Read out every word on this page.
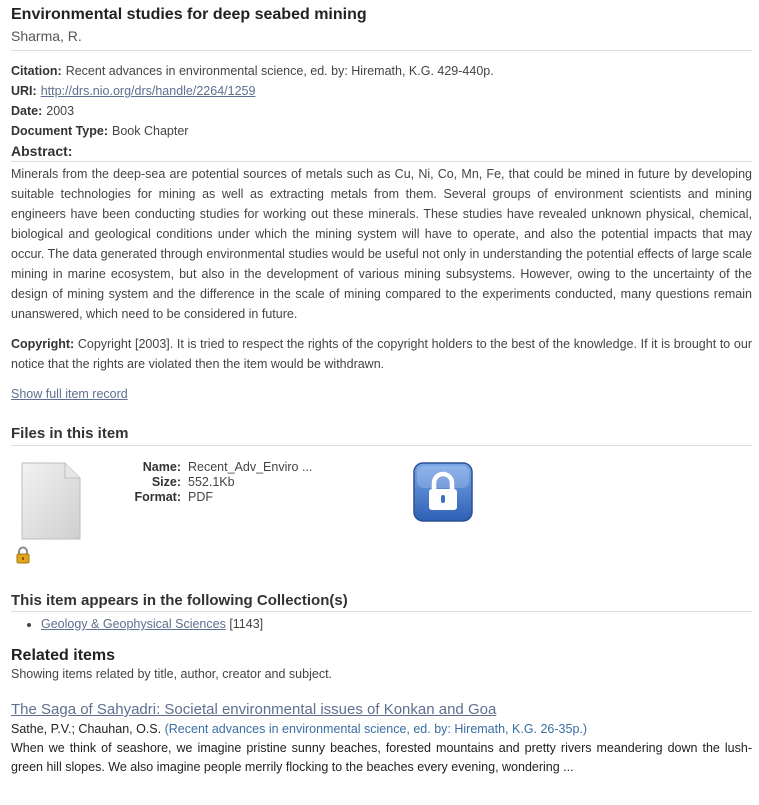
Environmental studies for deep seabed mining
Sharma, R.
Citation: Recent advances in environmental science, ed. by: Hiremath, K.G. 429-440p.
URI: http://drs.nio.org/drs/handle/2264/1259
Date: 2003
Document Type: Book Chapter
Abstract:
Minerals from the deep-sea are potential sources of metals such as Cu, Ni, Co, Mn, Fe, that could be mined in future by developing suitable technologies for mining as well as extracting metals from them. Several groups of environment scientists and mining engineers have been conducting studies for working out these minerals. These studies have revealed unknown physical, chemical, biological and geological conditions under which the mining system will have to operate, and also the potential impacts that may occur. The data generated through environmental studies would be useful not only in understanding the potential effects of large scale mining in marine ecosystem, but also in the development of various mining subsystems. However, owing to the uncertainty of the design of mining system and the difference in the scale of mining compared to the experiments conducted, many questions remain unanswered, which need to be considered in future.
Copyright: Copyright [2003]. It is tried to respect the rights of the copyright holders to the best of the knowledge. If it is brought to our notice that the rights are violated then the item would be withdrawn.
Show full item record
Files in this item
Name: Recent_Adv_Enviro ...
Size: 552.1Kb
Format: PDF
This item appears in the following Collection(s)
• Geology & Geophysical Sciences [1143]
Related items
Showing items related by title, author, creator and subject.
The Saga of Sahyadri: Societal environmental issues of Konkan and Goa
Sathe, P.V.; Chauhan, O.S. (Recent advances in environmental science, ed. by: Hiremath, K.G. 26-35p.)
When we think of seashore, we imagine pristine sunny beaches, forested mountains and pretty rivers meandering down the lush-green hill slopes. We also imagine people merrily flocking to the beaches every evening, wondering ...
